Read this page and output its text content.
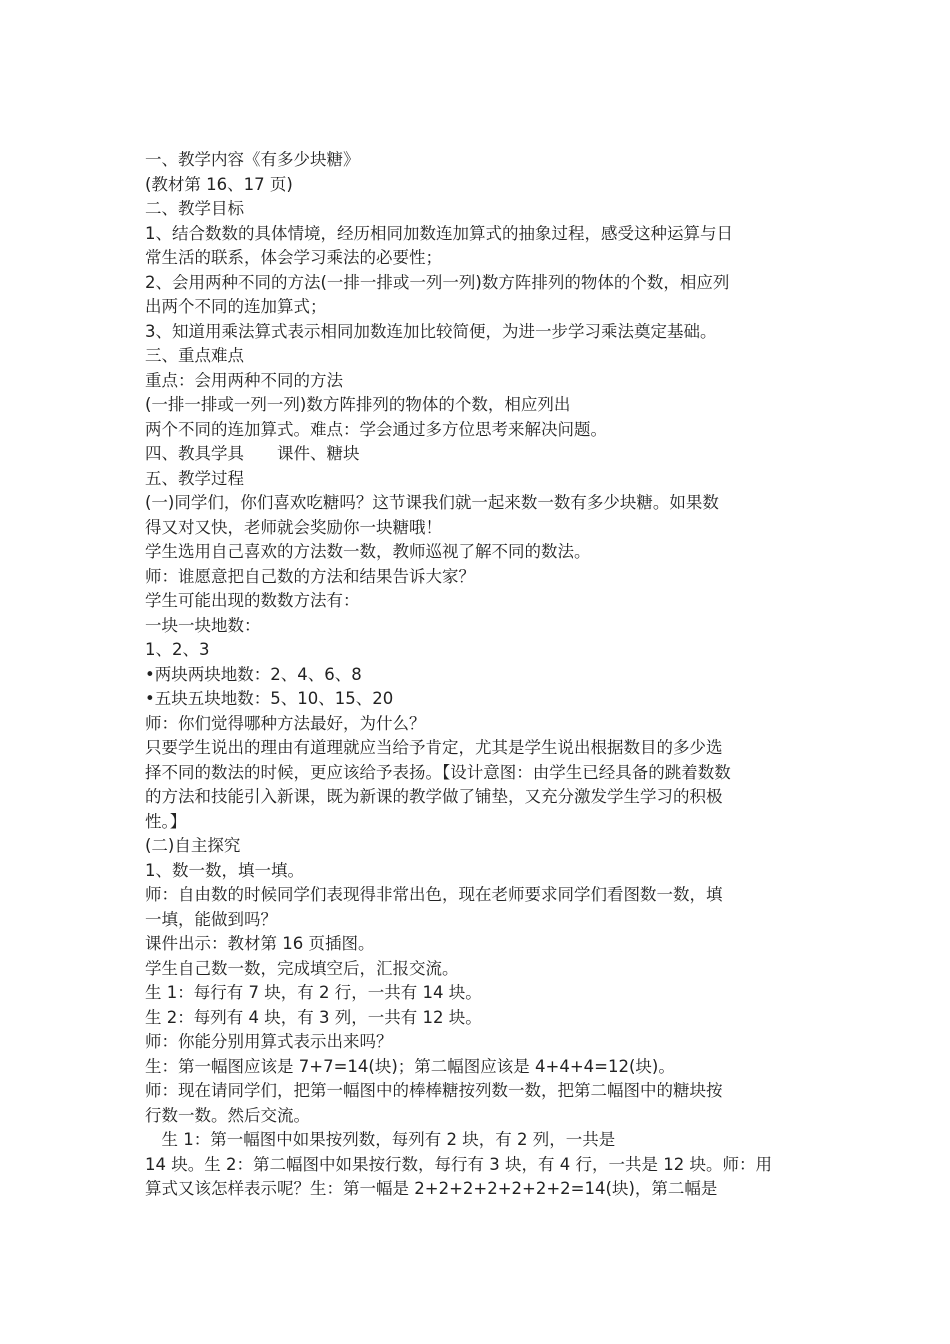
一、教学内容《有多少块糖》
(教材第 16、17 页)
二、教学目标
1、结合数数的具体情境，经历相同加数连加算式的抽象过程，感受这种运算与日
常生活的联系，体会学习乘法的必要性；
2、会用两种不同的方法(一排一排或一列一列)数方阵排列的物体的个数，相应列
出两个不同的连加算式；
3、知道用乘法算式表示相同加数连加比较简便，为进一步学习乘法奠定基础。
三、重点难点
重点：会用两种不同的方法
(一排一排或一列一列)数方阵排列的物体的个数，相应列出
两个不同的连加算式。难点：学会通过多方位思考来解决问题。
四、教具学具　　课件、糖块
五、教学过程
(一)同学们，你们喜欢吃糖吗？这节课我们就一起来数一数有多少块糖。如果数
得又对又快，老师就会奖励你一块糖哦！
学生选用自己喜欢的方法数一数，教师巡视了解不同的数法。
师：谁愿意把自己数的方法和结果告诉大家？
学生可能出现的数数方法有：
一块一块地数：
1、2、3
•两块两块地数：2、4、6、8
•五块五块地数：5、10、15、20
师：你们觉得哪种方法最好，为什么？
只要学生说出的理由有道理就应当给予肯定，尤其是学生说出根据数目的多少选
择不同的数法的时候，更应该给予表扬。【设计意图：由学生已经具备的跳着数数
的方法和技能引入新课，既为新课的教学做了铺垫，又充分激发学生学习的积极
性。】
(二)自主探究
1、数一数，填一填。
师：自由数的时候同学们表现得非常出色，现在老师要求同学们看图数一数，填
一填，能做到吗？
课件出示：教材第 16 页插图。
学生自己数一数，完成填空后，汇报交流。
生 1：每行有 7 块，有 2 行，一共有 14 块。
生 2：每列有 4 块，有 3 列，一共有 12 块。
师：你能分别用算式表示出来吗？
生：第一幅图应该是 7+7=14(块)；第二幅图应该是 4+4+4=12(块)。
师：现在请同学们，把第一幅图中的棒棒糖按列数一数，把第二幅图中的糖块按
行数一数。然后交流。
　生 1：第一幅图中如果按列数，每列有 2 块，有 2 列，一共是
14 块。生 2：第二幅图中如果按行数，每行有 3 块，有 4 行，一共是 12 块。师：用
算式又该怎样表示呢？生：第一幅是 2+2+2+2+2+2+2=14(块)，第二幅是
